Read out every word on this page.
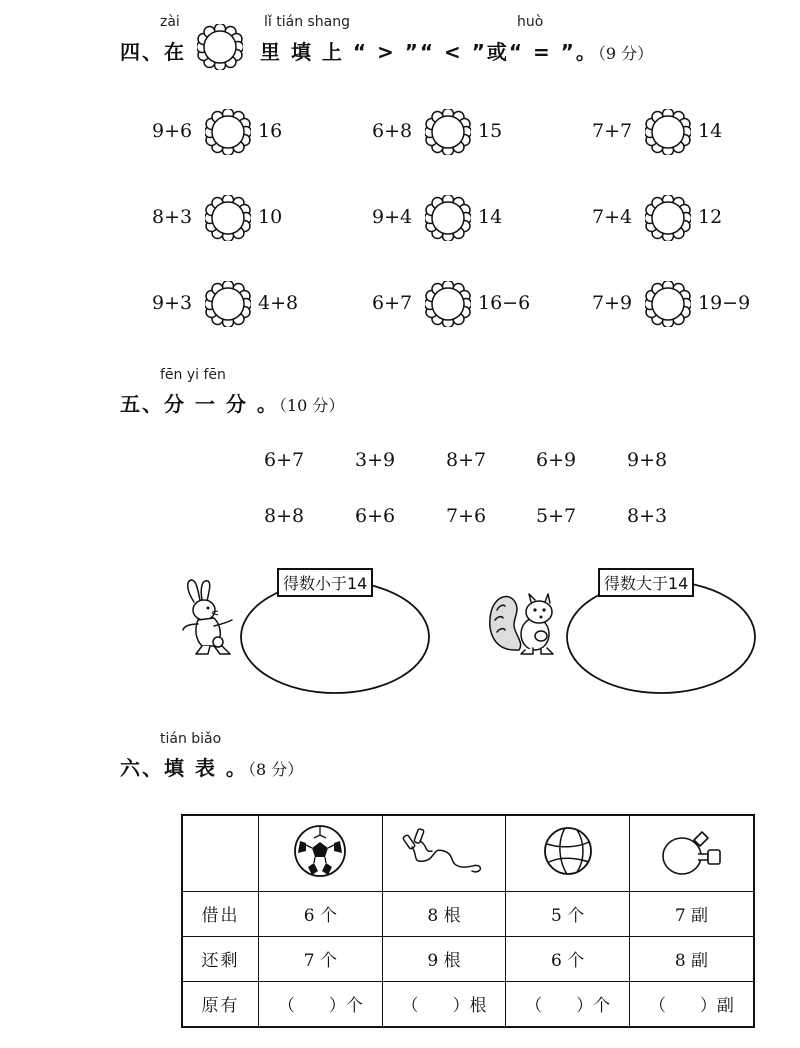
zài	lǐ tián shang	huò
四、在	里 填 上 “ > ”“ < ”或“ = ”。（9 分）
9+6	16	6+8	15	7+7	14
8+3	10	9+4	14	7+4	12
9+3	4+8	6+7	16−6	7+9	19−9
fēn yi fēn
五、分 一 分 。（10 分）
6+7	3+9	8+7	6+9	9+8
8+8	6+6	7+6	5+7	8+3
得数小于14	得数大于14
tián biǎo
六、填 表 。（8 分）

借出	6 个	8 根	5 个	7 副
还剩	7 个	9 根	6 个	8 副
原有	（　　）个	（　　）根	（　　）个	（　　）副
